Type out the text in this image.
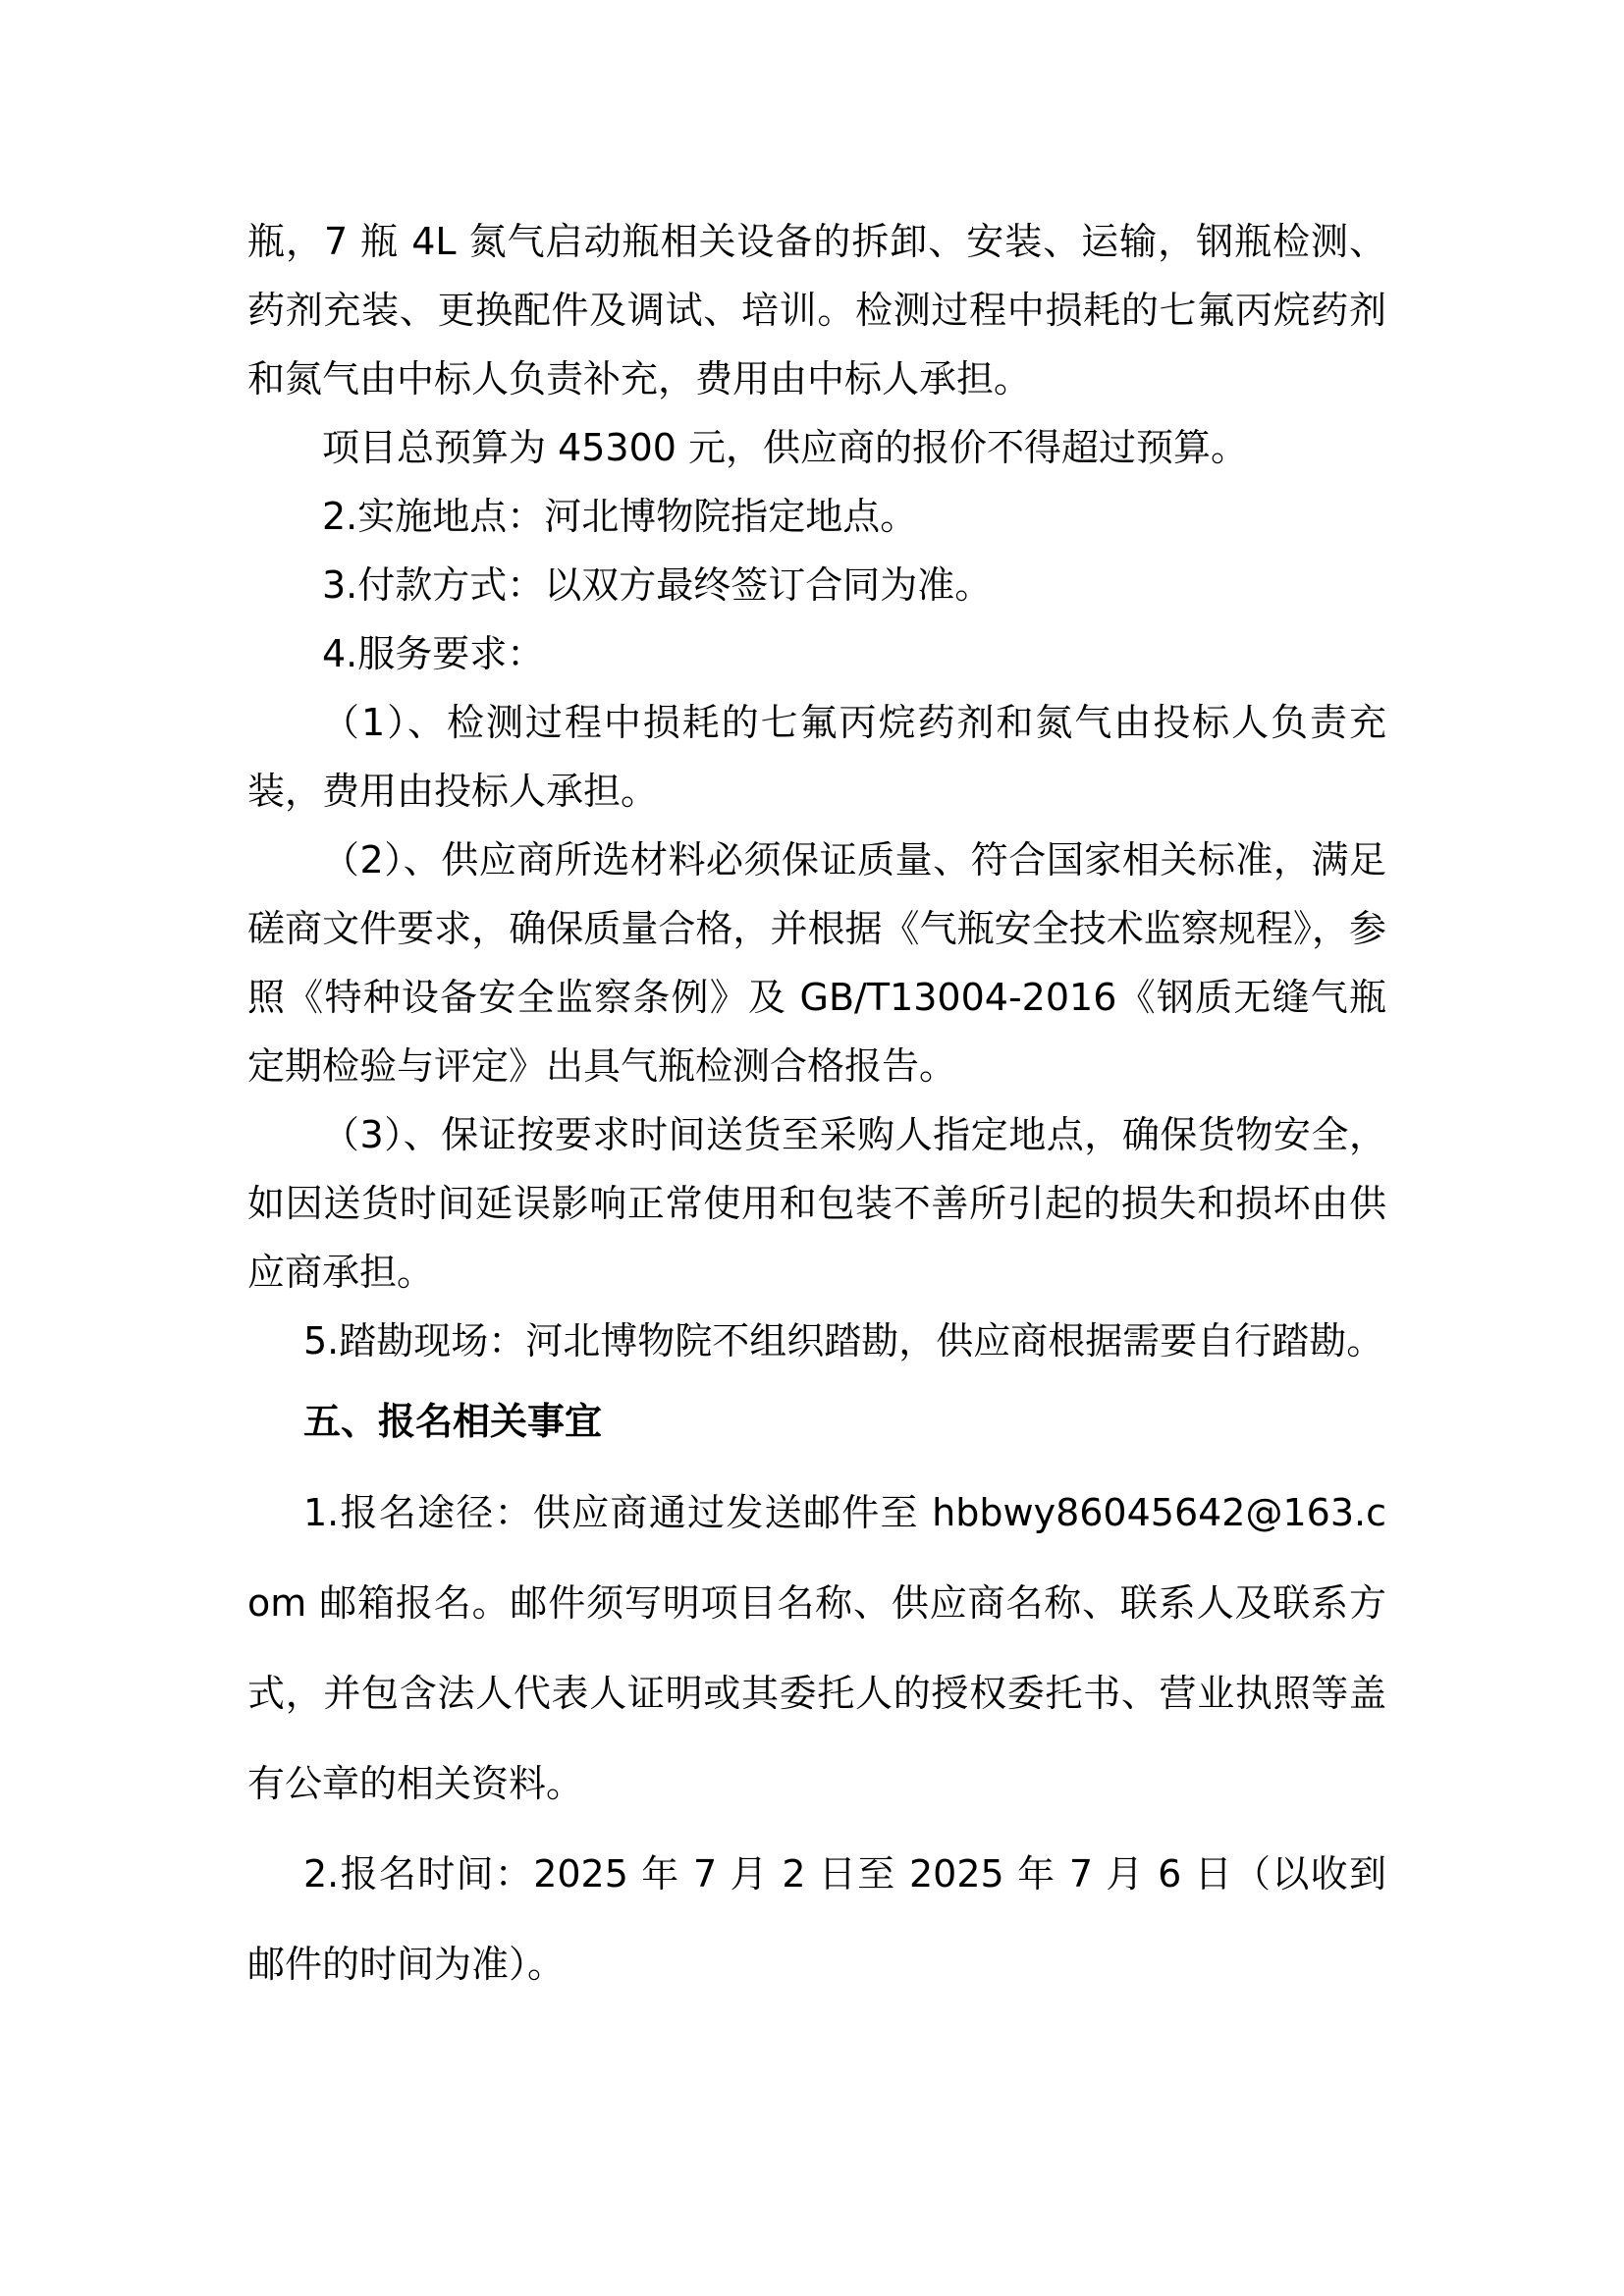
瓶，7 瓶 4L 氮气启动瓶相关设备的拆卸、安装、运输，钢瓶检测、药剂充装、更换配件及调试、培训。检测过程中损耗的七氟丙烷药剂和氮气由中标人负责补充，费用由中标人承担。

项目总预算为 45300 元，供应商的报价不得超过预算。

2.实施地点：河北博物院指定地点。

3.付款方式：以双方最终签订合同为准。

4.服务要求：

（1）、检测过程中损耗的七氟丙烷药剂和氮气由投标人负责充装，费用由投标人承担。

（2）、供应商所选材料必须保证质量、符合国家相关标准，满足磋商文件要求，确保质量合格，并根据《气瓶安全技术监察规程》，参照《特种设备安全监察条例》及 GB/T13004-2016《钢质无缝气瓶定期检验与评定》出具气瓶检测合格报告。

（3）、保证按要求时间送货至采购人指定地点，确保货物安全，如因送货时间延误影响正常使用和包装不善所引起的损失和损坏由供应商承担。

5.踏勘现场：河北博物院不组织踏勘，供应商根据需要自行踏勘。

五、报名相关事宜

1.报名途径：供应商通过发送邮件至 hbbwy86045642@163.com 邮箱报名。邮件须写明项目名称、供应商名称、联系人及联系方式，并包含法人代表人证明或其委托人的授权委托书、营业执照等盖有公章的相关资料。

2.报名时间：2025 年 7 月 2 日至 2025 年 7 月 6 日（以收到邮件的时间为准）。
